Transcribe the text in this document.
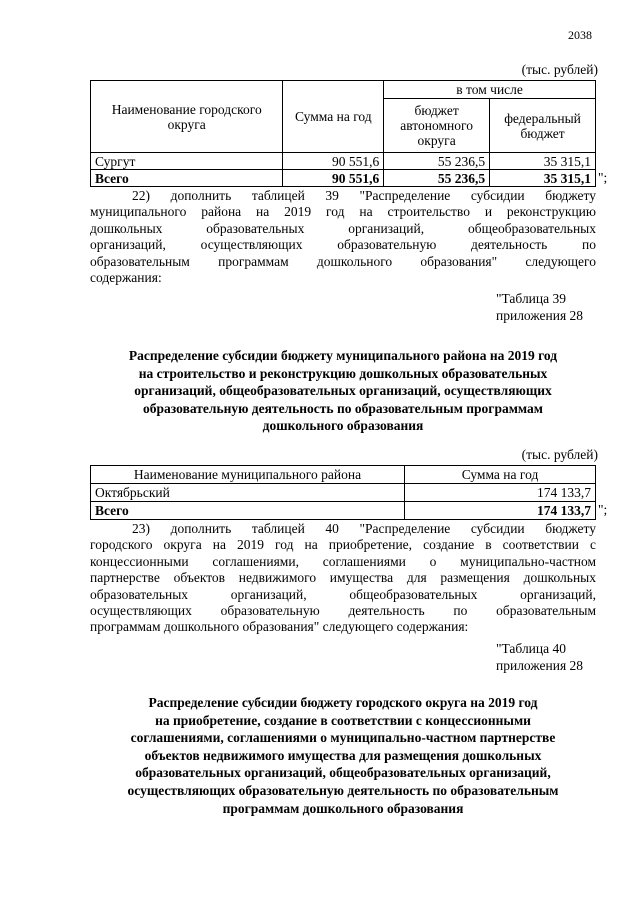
2038
(тыс. рублей)
Наименование городского округа	Сумма на год	в том числе	
		бюджет автономного округа	федеральный бюджет
Сургут	90 551,6	55 236,5	35 315,1
Всего	90 551,6	55 236,5	35 315,1 ";
22) дополнить таблицей 39 "Распределение субсидии бюджету
муниципального района на 2019 год на строительство и реконструкцию
дошкольных образовательных организаций, общеобразовательных
организаций, осуществляющих образовательную деятельность по
образовательным программам дошкольного образования" следующего
содержания:
"Таблица 39
приложения 28
Распределение субсидии бюджету муниципального района на 2019 год
на строительство и реконструкцию дошкольных образовательных
организаций, общеобразовательных организаций, осуществляющих
образовательную деятельность по образовательным программам
дошкольного образования
(тыс. рублей)
Наименование муниципального района	Сумма на год
Октябрьский	174 133,7
Всего	174 133,7 ";
23) дополнить таблицей 40 "Распределение субсидии бюджету
городского округа на 2019 год на приобретение, создание в соответствии с
концессионными соглашениями, соглашениями о муниципально-частном
партнерстве объектов недвижимого имущества для размещения дошкольных
образовательных организаций, общеобразовательных организаций,
осуществляющих образовательную деятельность по образовательным
программам дошкольного образования" следующего содержания:
"Таблица 40
приложения 28
Распределение субсидии бюджету городского округа на 2019 год
на приобретение, создание в соответствии с концессионными
соглашениями, соглашениями о муниципально-частном партнерстве
объектов недвижимого имущества для размещения дошкольных
образовательных организаций, общеобразовательных организаций,
осуществляющих образовательную деятельность по образовательным
программам дошкольного образования
